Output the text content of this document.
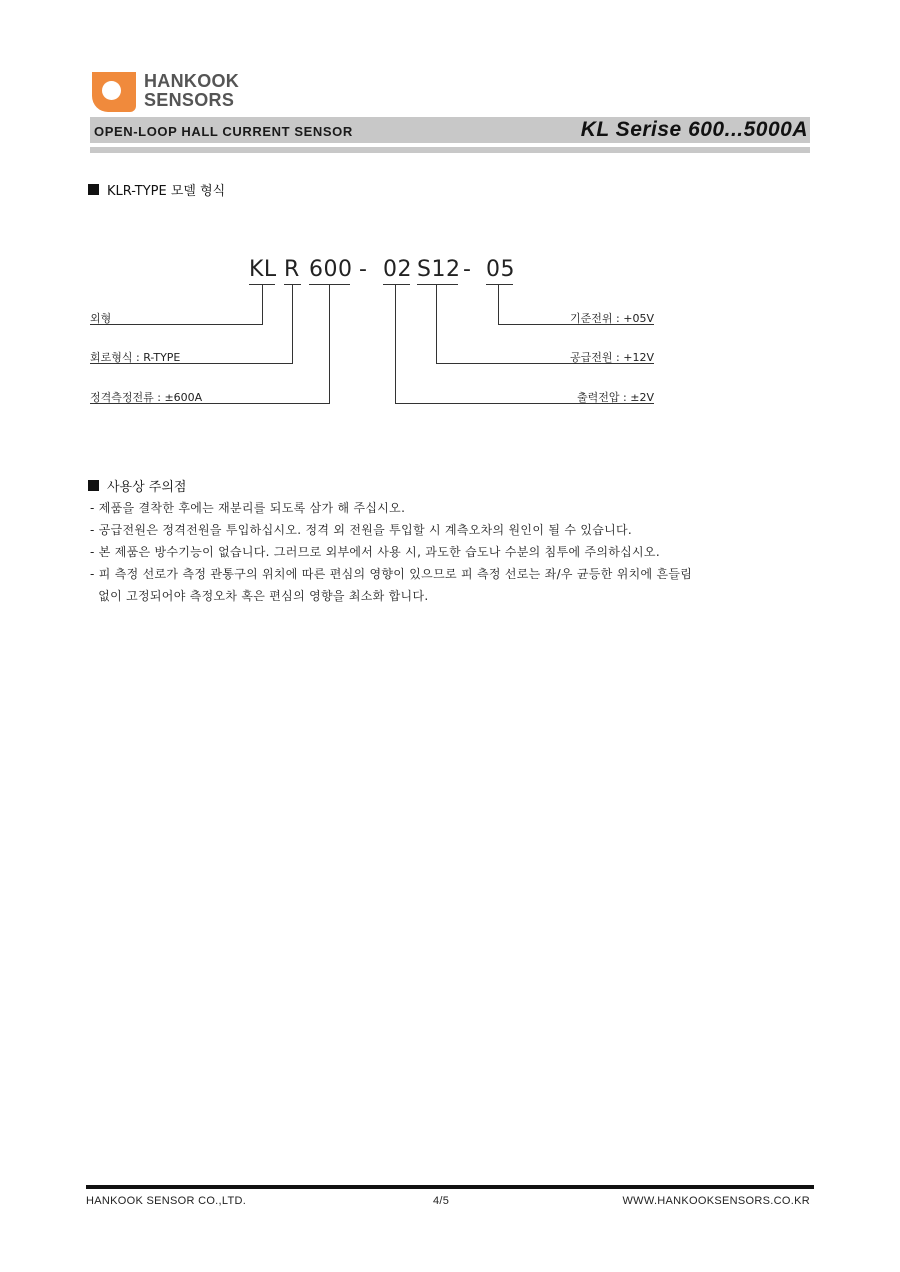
HANKOOK
SENSORS
OPEN-LOOP HALL CURRENT SENSOR	KL Serise 600...5000A
KLR-TYPE 모델 형식
KL R 600 - 02 S12 - 05
외형
회로형식 : R-TYPE
정격측정전류 : ±600A
기준전위 : +05V
공급전원 : +12V
출력전압 : ±2V
사용상 주의점
- 제품을 결착한 후에는 재분리를 되도록 삼가 해 주십시오.
- 공급전원은 정격전원을 투입하십시오. 정격 외 전원을 투입할 시 계측오차의 원인이 될 수 있습니다.
- 본 제품은 방수기능이 없습니다. 그러므로 외부에서 사용 시, 과도한 습도나 수분의 침투에 주의하십시오.
- 피 측정 선로가 측정 관통구의 위치에 따른 편심의 영향이 있으므로 피 측정 선로는 좌/우 균등한 위치에 흔들림
없이 고정되어야 측정오차 혹은 편심의 영향을 최소화 합니다.
HANKOOK SENSOR CO.,LTD.	4/5	WWW.HANKOOKSENSORS.CO.KR
